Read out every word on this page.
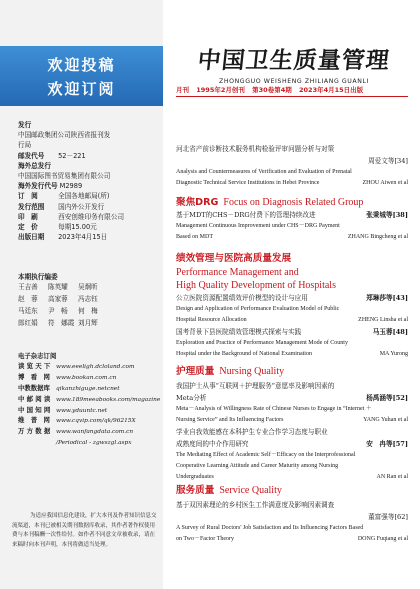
欢迎投稿
欢迎订阅
发行
中国邮政集团公司陕西省报刊发
行局
邮发代号 52－221
海外总发行
中国国际图书贸易集团有限公司
海外发行代号 M2989
订　阅	全国各地邮局(所)
发行范围 国内外公开发行
印　刷	西安创维印务有限公司
定　价	每期15.00元
出版日期 2023年4月15日
本期执行编委
王吉善	陈英耀	吴炯昕
赵　蓉	高家蓉	冯志钰
马廷东	尹　畅	何　梅
郎红娟	符　娜霞 刘月辉
电子杂志订阅
读 览 天 下 www.eeeligh.dcloland.com
博　看　网 www.bookan.com.cn
中教数据库 qikanzhiguge.netcnet
中 邮 阅 读 www.189meeabooks.com/magazine
中 国 知 网 www.yduuntc.net
维　普　网 www.cqvip.com/qk/96215X
万 方 数 据 www.wanfangdata.com.cn
/Periodical - zgwszgl.aspx
为适应我国信息化建设，扩大本刊及作者知识信息交流渠道，本刊已被相关期刊数据库收录，其作者著作权使用费与本刊稿酬一次性给付。如作者不同意文章被收录，请在来稿时向本刊声明，本刊将做适当处理。
中国卫生质量管理
ZHONGGUO WEISHENG ZHILIANG GUANLI
月刊 1995年2月创刊 第30卷第4期 2023年4月15日出版
河北省产前诊断技术服务机构检验评审问题分析与对策
周爱文等[34]
Analysis and Countermeasures of Verification and Evaluation of Prenatal
Diagnostic Technical Service Institutions in Hebei Province	ZHOU Aiwen et al
聚焦DRG Focus on Diagnosis Related Group
基于MDT的CHS－DRG付费下的管理持续改进	张秉城等[38]
Management Continuous Improvement under CHS－DRG Payment
Based on MDT	ZHANG Bingcheng et al
绩效管理与医院高质量发展
Performance Management and
High Quality Development of Hospitals
公立医院资源配置绩效评价模型的设计与应用	郑琳莎等[43]
Design and Application of Performance Evaluation Model of Public
Hospital Resource Allocation	ZHENG Linsha et al
国考背景下县医院绩效管理模式探索与实践	马玉蓉[48]
Exploration and Practice of Performance Management Mode of County
Hospital under the Background of National Examination	MA Yurong
护理质量 Nursing Quality
我国护士从事“互联网＋护理服务”意愿率及影响因素的
Meta分析	杨禹涵等[52]
Meta－Analysis of Willingness Rate of Chinese Nurses to Engage in “Internet ＋
Nursing Service” and Its Influencing Factors	YANG Yuhan et al
学业自我效能感在本科护生专业合作学习态度与职业
成熟度间的中介作用研究	安　冉等[57]
The Mediating Effect of Academic Self－Efficacy on the Interprofessional
Cooperative Learning Attitude and Career Maturity among Nursing
Undergraduates	AN Ran et al
服务质量 Service Quality
基于双因素理论的乡村医生工作满意度及影响因素调查
董富强等[62]
A Survey of Rural Doctors' Job Satisfaction and Its Influencing Factors Based
on Two－Factor Theory	DONG Fuqiang et al
